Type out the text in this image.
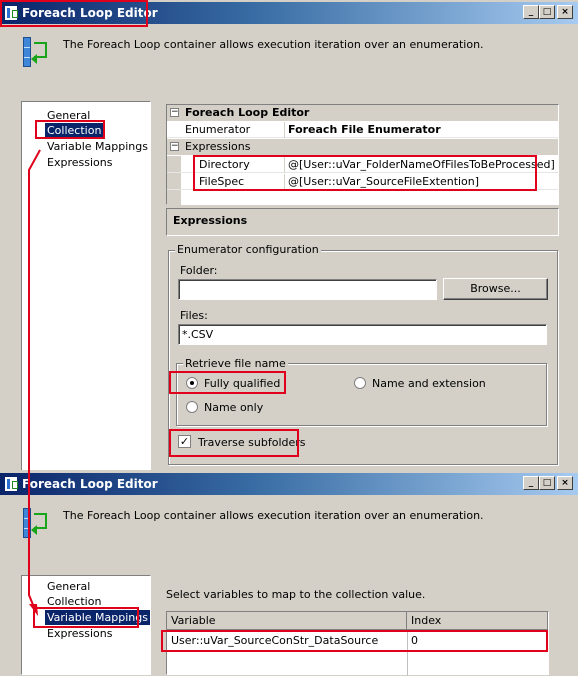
Foreach Loop Editor	_	□	×
The Foreach Loop container allows execution iteration over an enumeration.
General
Collection
Variable Mappings
Expressions
− Foreach Loop Editor
Enumerator	Foreach File Enumerator
− Expressions
Directory	@[User::uVar_FolderNameOfFilesToBeProcessed]
FileSpec	@[User::uVar_SourceFileExtention]
Expressions
Enumerator configuration
Folder:
Browse...
Files:
*.CSV
Retrieve file name
Fully qualified	Name and extension
Name only
✓ Traverse subfolders
Foreach Loop Editor	_	□	×
The Foreach Loop container allows execution iteration over an enumeration.
General
Collection
Variable Mappings
Expressions
Select variables to map to the collection value.
Variable	Index
User::uVar_SourceConStr_DataSource	0
